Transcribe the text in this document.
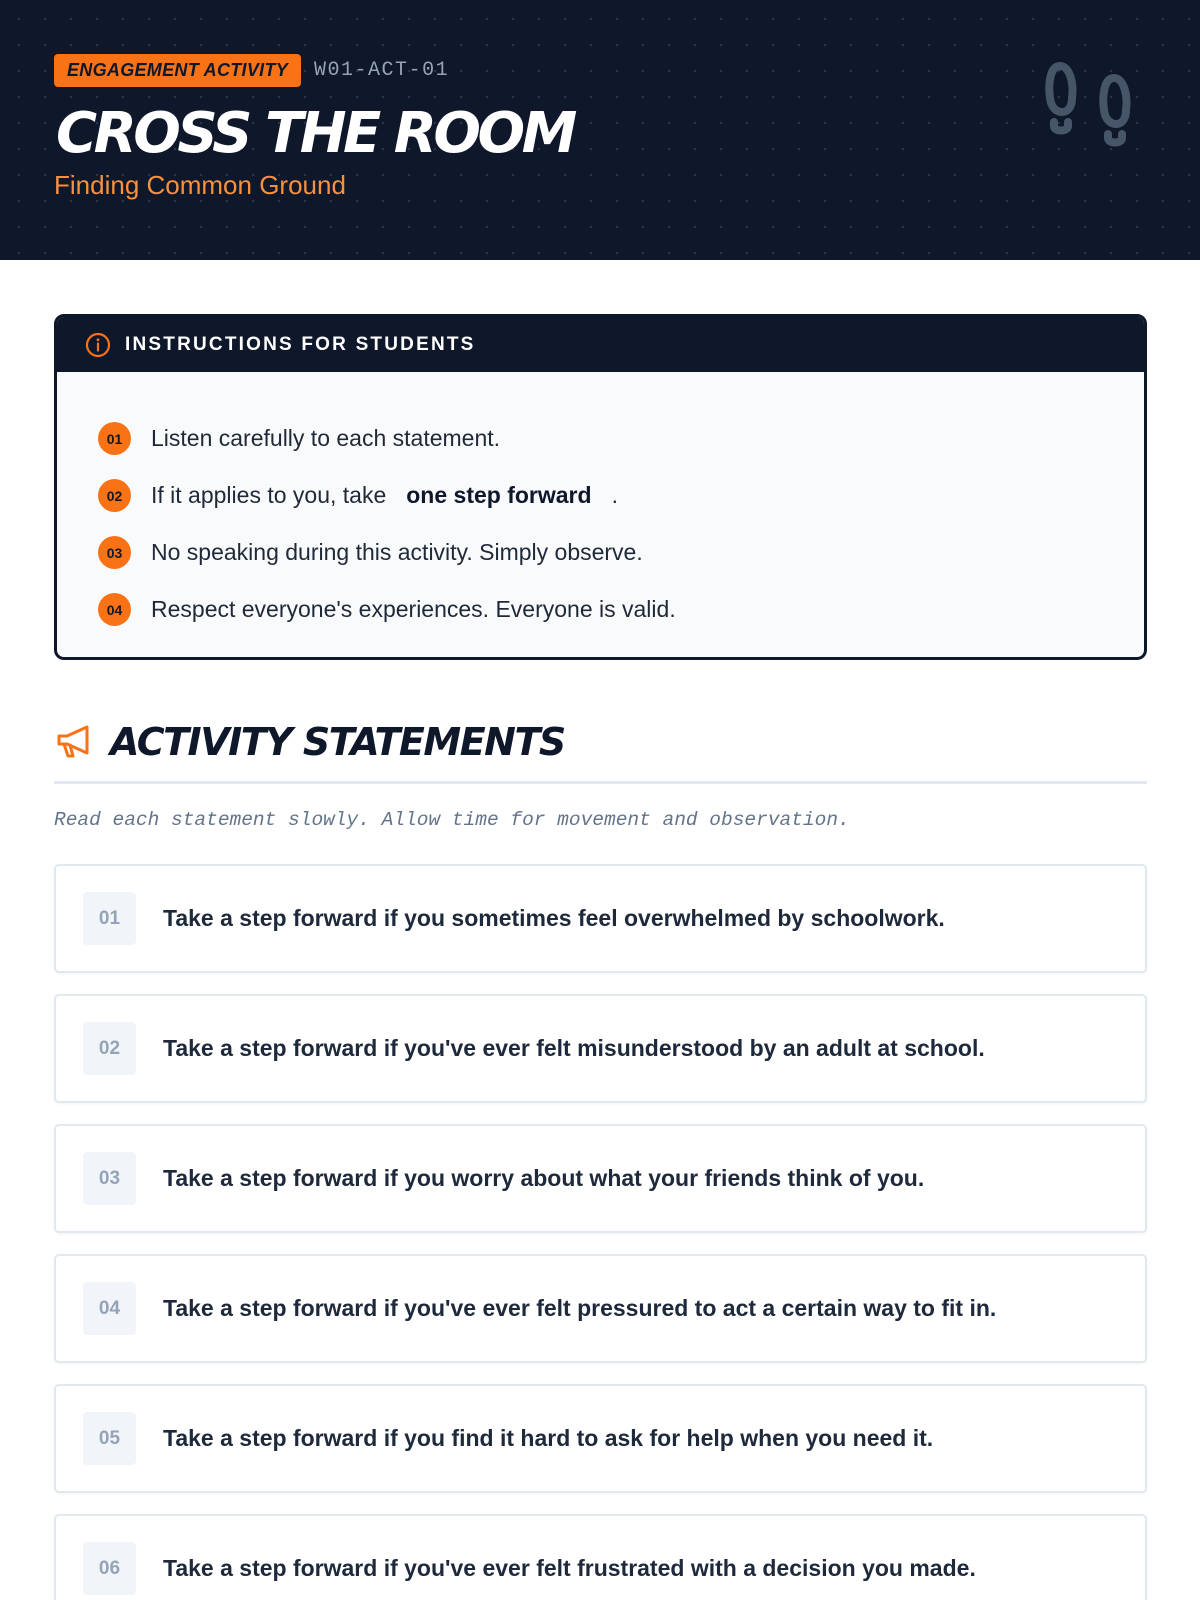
ENGAGEMENT ACTIVITY	W01-ACT-01
CROSS THE ROOM
Finding Common Ground
INSTRUCTIONS FOR STUDENTS
01	Listen carefully to each statement.
02	If it applies to you, take one step forward .
03	No speaking during this activity. Simply observe.
04	Respect everyone's experiences. Everyone is valid.
ACTIVITY STATEMENTS

Read each statement slowly. Allow time for movement and observation.

01	Take a step forward if you sometimes feel overwhelmed by schoolwork.
02	Take a step forward if you've ever felt misunderstood by an adult at school.
03	Take a step forward if you worry about what your friends think of you.
04	Take a step forward if you've ever felt pressured to act a certain way to fit in.
05	Take a step forward if you find it hard to ask for help when you need it.
06	Take a step forward if you've ever felt frustrated with a decision you made.
